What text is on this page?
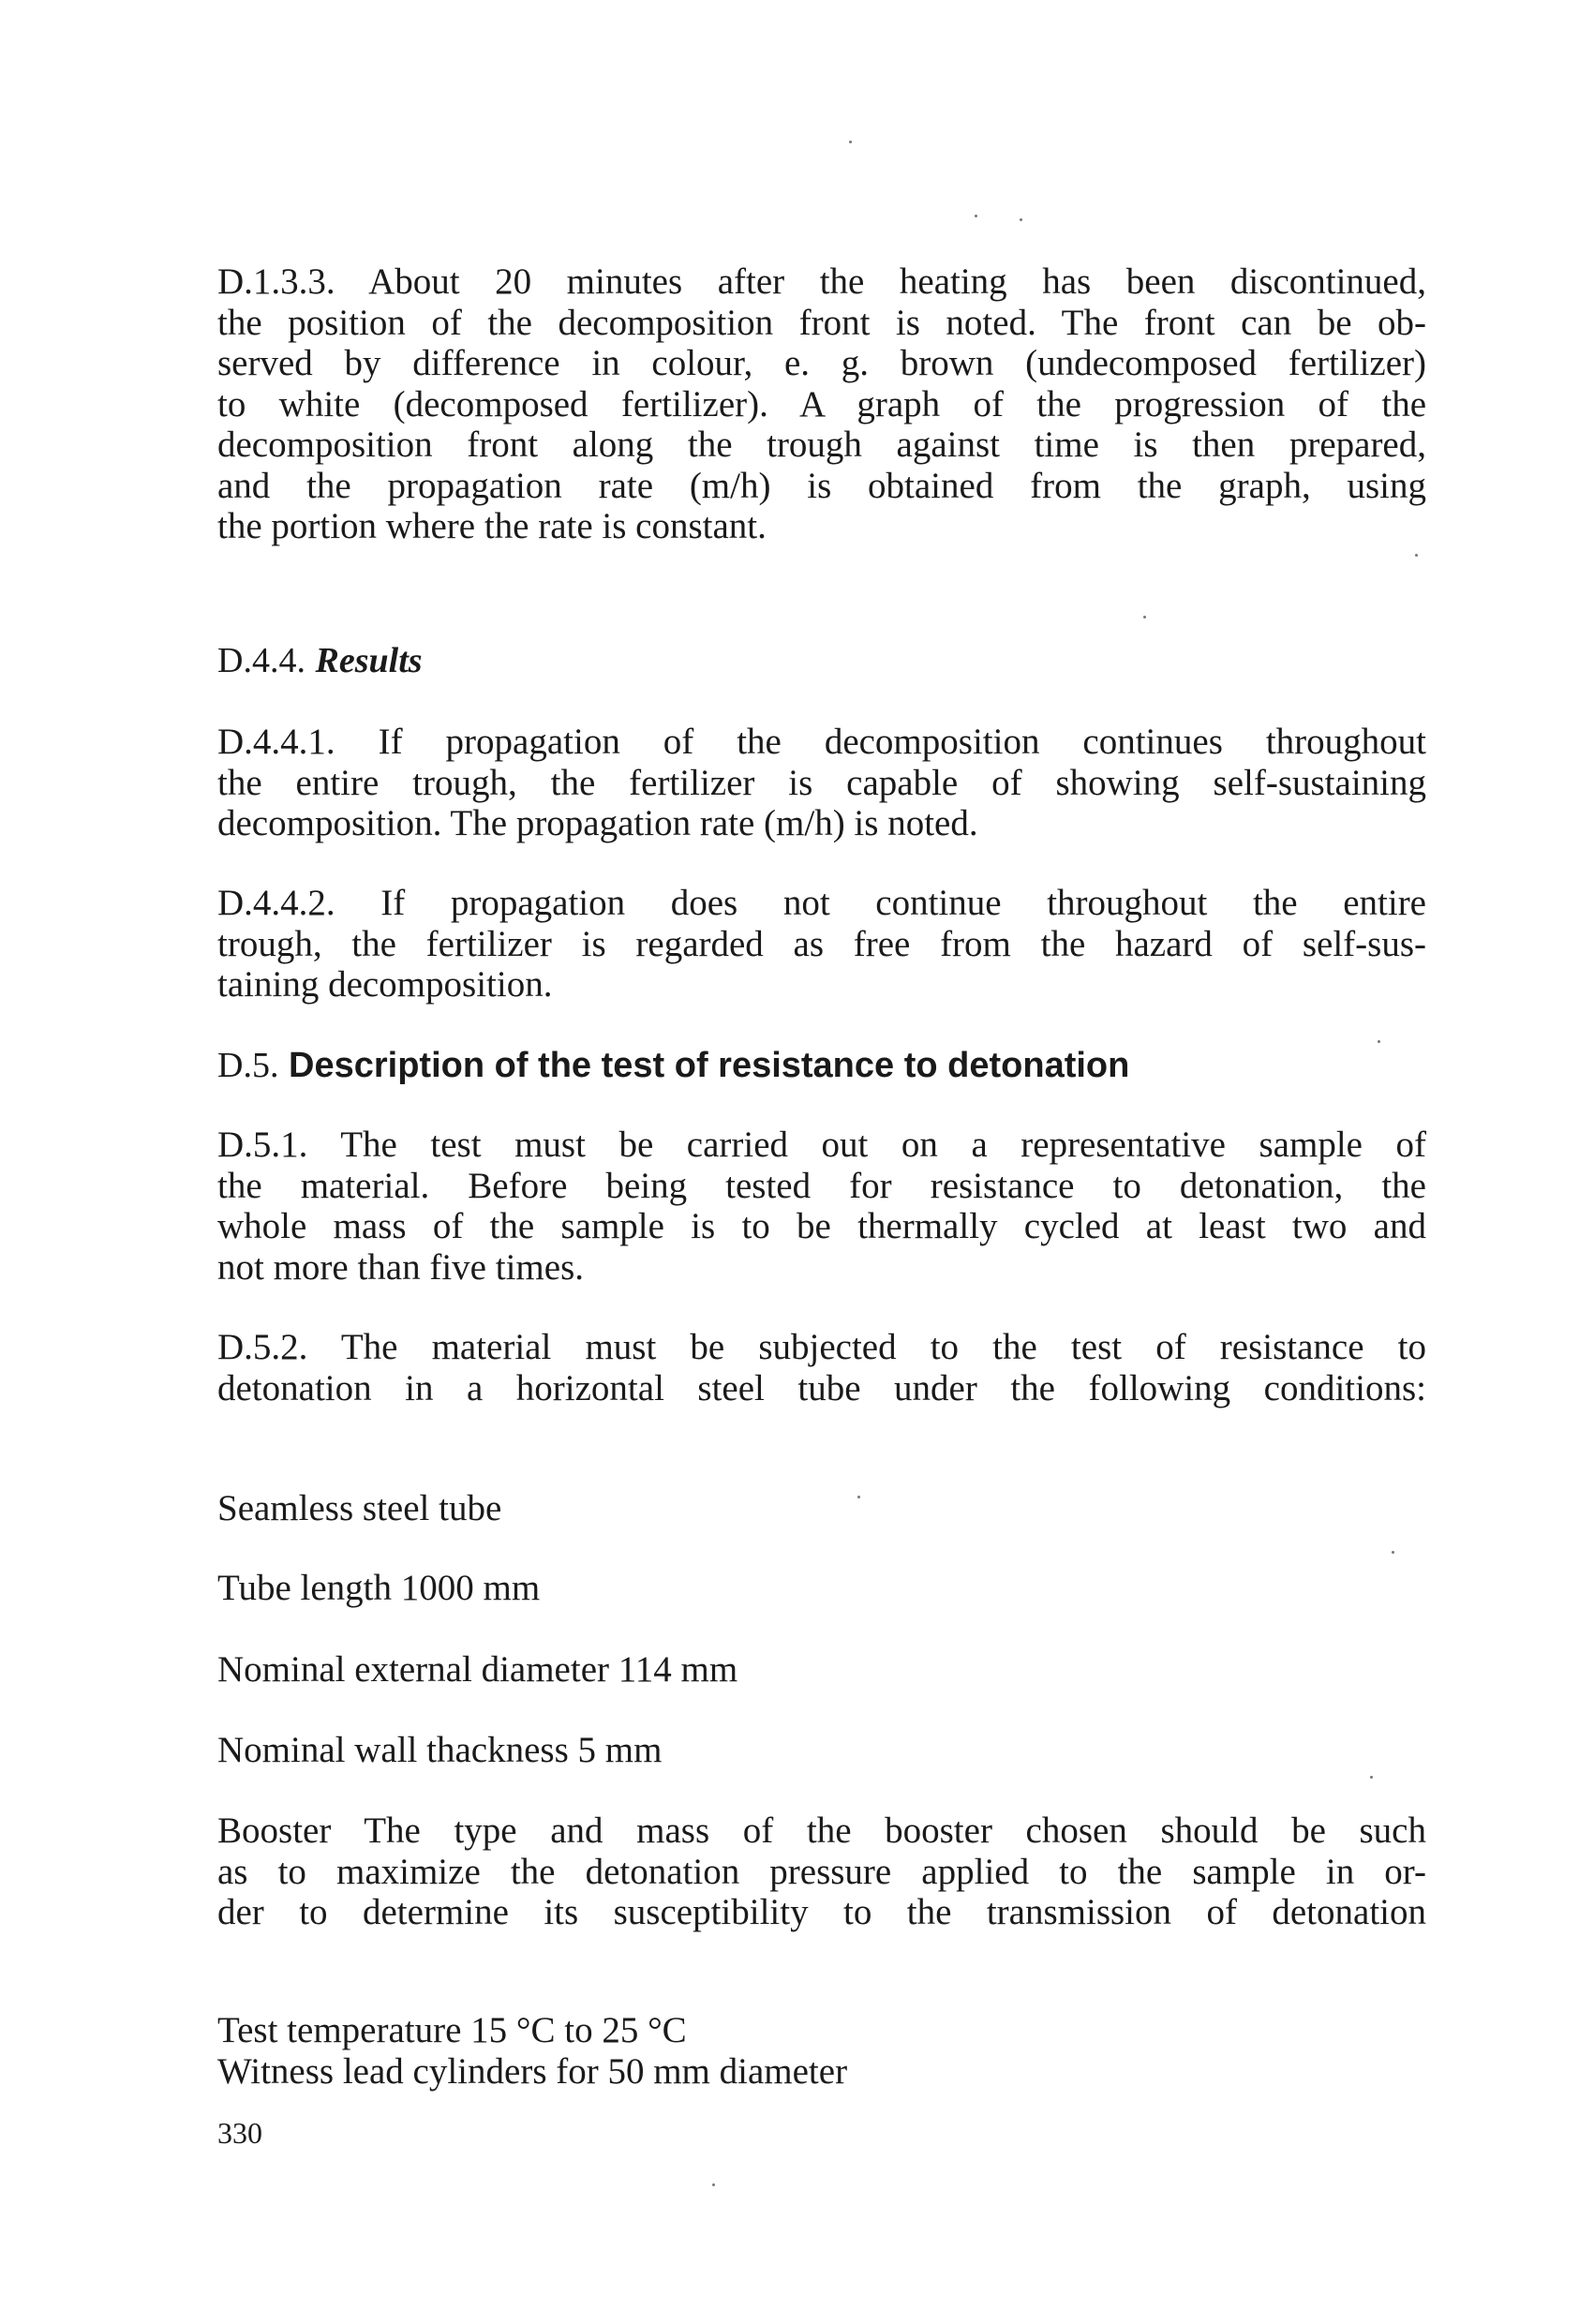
D.1.3.3. About 20 minutes after the heating has been discontinued,
the position of the decomposition front is noted. The front can be ob-
served by difference in colour, e. g. brown (undecomposed fertilizer)
to white (decomposed fertilizer). A graph of the progression of the
decomposition front along the trough against time is then prepared,
and the propagation rate (m/h) is obtained from the graph, using
the portion where the rate is constant.
D.4.4. Results
D.4.4.1. If propagation of the decomposition continues throughout
the entire trough, the fertilizer is capable of showing self-sustaining
decomposition. The propagation rate (m/h) is noted.
D.4.4.2. If propagation does not continue throughout the entire
trough, the fertilizer is regarded as free from the hazard of self-sus-
taining decomposition.
D.5. Description of the test of resistance to detonation
D.5.1. The test must be carried out on a representative sample of
the material. Before being tested for resistance to detonation, the
whole mass of the sample is to be thermally cycled at least two and
not more than five times.
D.5.2. The material must be subjected to the test of resistance to
detonation in a horizontal steel tube under the following conditions:
Seamless steel tube
Tube length 1000 mm
Nominal external diameter 114 mm
Nominal wall thackness 5 mm
Booster The type and mass of the booster chosen should be such
as to maximize the detonation pressure applied to the sample in or-
der to determine its susceptibility to the transmission of detonation
Test temperature 15 °C to 25 °C
Witness lead cylinders for 50 mm diameter
330
